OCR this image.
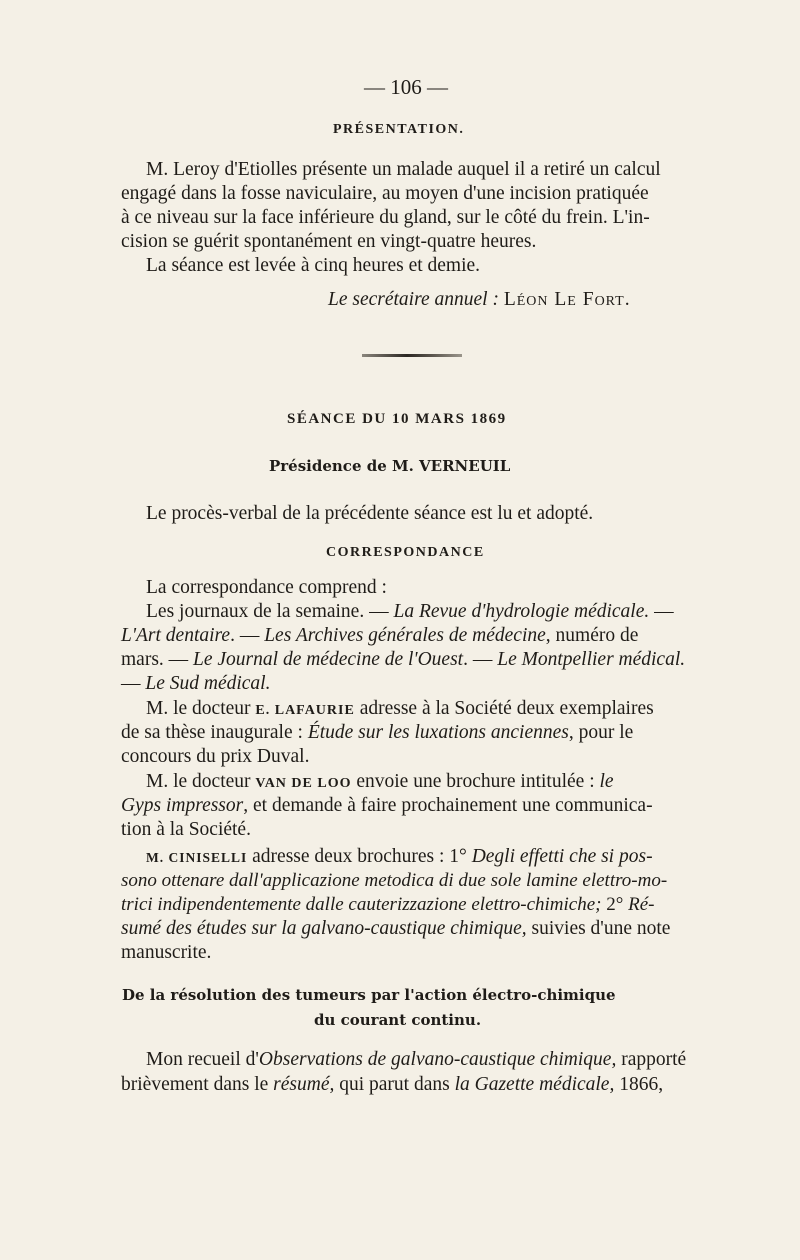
— 106 —
PRÉSENTATION.
M. Leroy d'Etiolles présente un malade auquel il a retiré un calcul
engagé dans la fosse naviculaire, au moyen d'une incision pratiquée
à ce niveau sur la face inférieure du gland, sur le côté du frein. L'in-
cision se guérit spontanément en vingt-quatre heures.
La séance est levée à cinq heures et demie.
Le secrétaire annuel : Léon Le Fort.
SÉANCE DU 10 MARS 1869
Présidence de M. VERNEUIL
Le procès-verbal de la précédente séance est lu et adopté.
CORRESPONDANCE
La correspondance comprend :
Les journaux de la semaine. — La Revue d'hydrologie médicale. —
L'Art dentaire. — Les Archives générales de médecine, numéro de
mars. — Le Journal de médecine de l'Ouest. — Le Montpellier médical.
— Le Sud médical.
M. le docteur E. LAFAURIE adresse à la Société deux exemplaires
de sa thèse inaugurale : Étude sur les luxations anciennes, pour le
concours du prix Duval.
M. le docteur VAN DE LOO envoie une brochure intitulée : le
Gyps impressor, et demande à faire prochainement une communica-
tion à la Société.
M. CINISELLI adresse deux brochures : 1° Degli effetti che si pos-
sono ottenare dall'applicazione metodica di due sole lamine elettro-mo-
trici indipendentemente dalle cauterizzazione elettro-chimiche; 2° Ré-
sumé des études sur la galvano-caustique chimique, suivies d'une note
manuscrite.
De la résolution des tumeurs par l'action électro-chimique
du courant continu.
Mon recueil d'Observations de galvano-caustique chimique, rapporté
brièvement dans le résumé, qui parut dans la Gazette médicale, 1866,
